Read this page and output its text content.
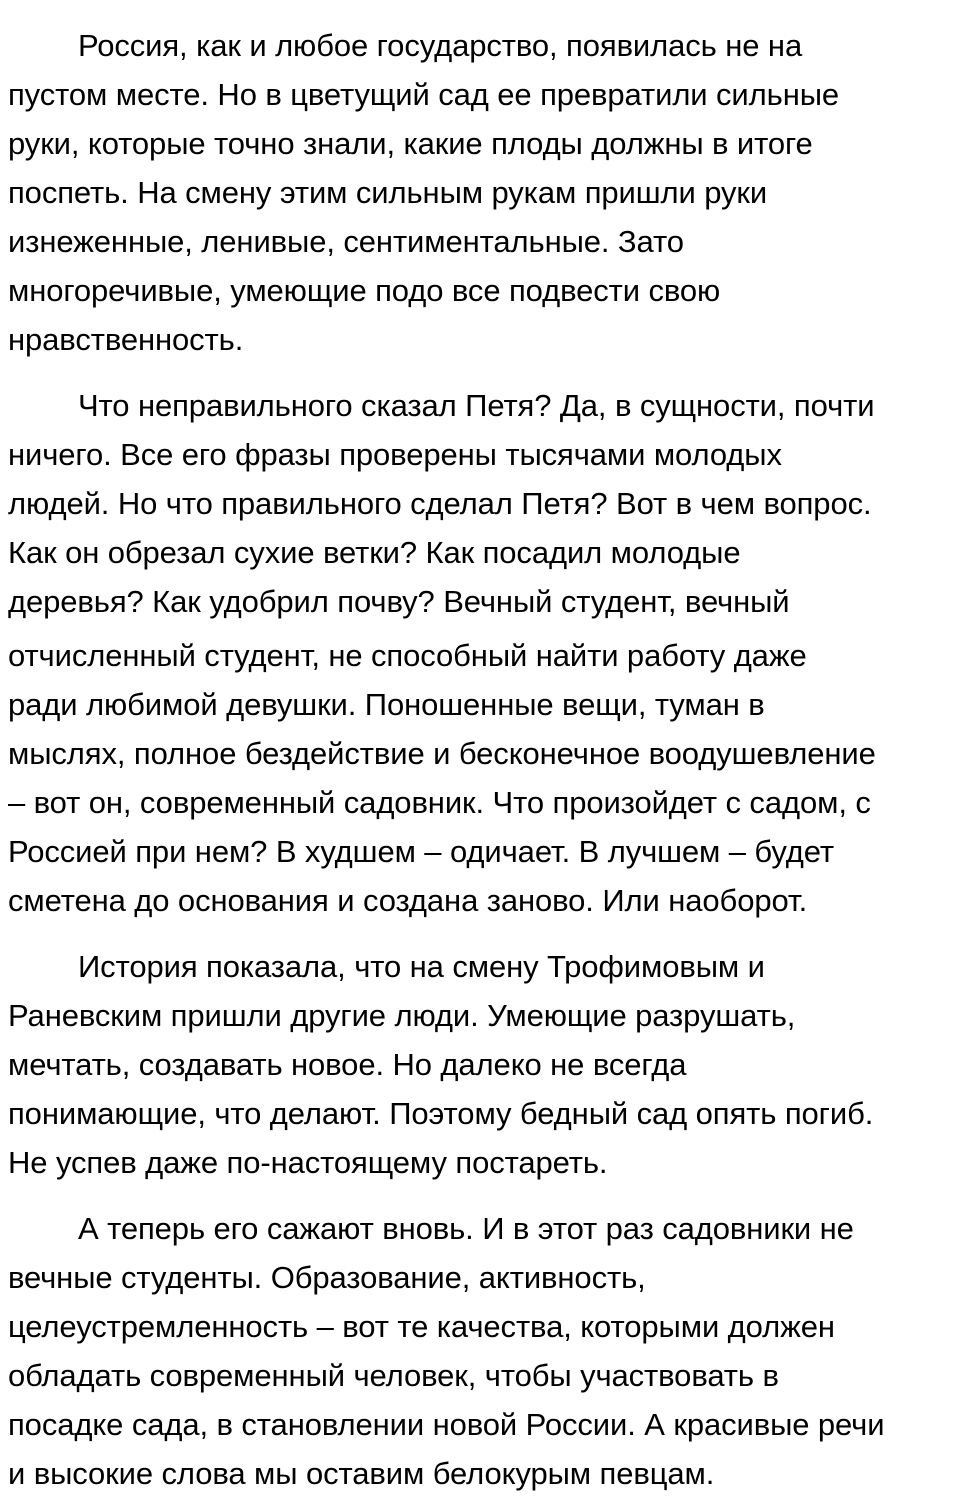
Россия, как и любое государство, появилась не на
пустом месте. Но в цветущий сад ее превратили сильные
руки, которые точно знали, какие плоды должны в итоге
поспеть. На смену этим сильным рукам пришли руки
изнеженные, ленивые, сентиментальные. Зато
многоречивые, умеющие подо все подвести свою
нравственность.
Что неправильного сказал Петя? Да, в сущности, почти
ничего. Все его фразы проверены тысячами молодых
людей. Но что правильного сделал Петя? Вот в чем вопрос.
Как он обрезал сухие ветки? Как посадил молодые
деревья? Как удобрил почву? Вечный студент, вечный
отчисленный студент, не способный найти работу даже
ради любимой девушки. Поношенные вещи, туман в
мыслях, полное бездействие и бесконечное воодушевление
– вот он, современный садовник. Что произойдет с садом, с
Россией при нем? В худшем – одичает. В лучшем – будет
сметена до основания и создана заново. Или наоборот.
История показала, что на смену Трофимовым и
Раневским пришли другие люди. Умеющие разрушать,
мечтать, создавать новое. Но далеко не всегда
понимающие, что делают. Поэтому бедный сад опять погиб.
Не успев даже по-настоящему постареть.
А теперь его сажают вновь. И в этот раз садовники не
вечные студенты. Образование, активность,
целеустремленность – вот те качества, которыми должен
обладать современный человек, чтобы участвовать в
посадке сада, в становлении новой России. А красивые речи
и высокие слова мы оставим белокурым певцам.
